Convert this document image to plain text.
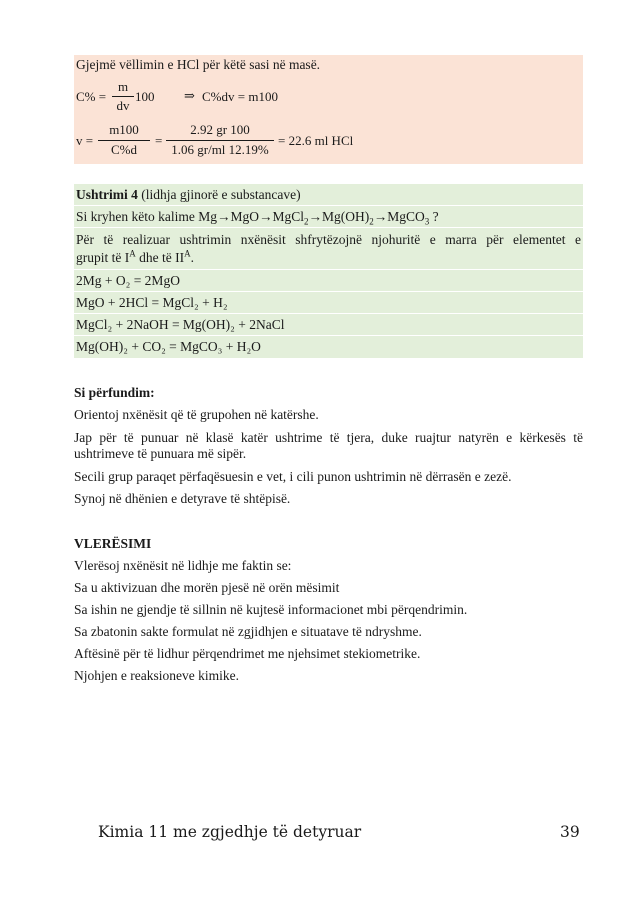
Gjejmë vëllimin e HCl për këtë sasi në masë.
C% =
m
dv
100 ⇒ C%dv = m100
v =
m100
C%d
=
2.92 gr 100
1.06 gr/ml 12.19%
= 22.6 ml HCl
Ushtrimi 4 (lidhja gjinorë e substancave)
Si kryhen këto kalime $Mg\to MgO\to MgCl_2\to Mg(OH)_2\to MgCO_3$ ?
Për të realizuar ushtrimin nxënësit shfrytëzojnë njohuritë e marra për elementet e
grupit të $I^A$ dhe të $II^A$.
2Mg + O₂ = 2MgO
MgO + 2HCl = MgCl₂ + H₂
MgCl₂ + 2NaOH = Mg(OH)₂ + 2NaCl
Mg(OH)₂ + CO₂ = MgCO₃ + H₂O
Si përfundim:
Orientoj nxënësit që të grupohen në katërshe.
Jap për të punuar në klasë katër ushtrime të tjera, duke ruajtur natyrën e kërkesës të
ushtrimeve të punuara më sipër.
Secili grup paraqet përfaqësuesin e vet, i cili punon ushtrimin në dërrasën e zezë.
Synoj në dhënien e detyrave të shtëpisë.
VLERËSIMI
Vlerësoj nxënësit në lidhje me faktin se:
Sa u aktivizuan dhe morën pjesë në orën mësimit
Sa ishin ne gjendje të sillnin në kujtesë informacionet mbi përqendrimin.
Sa zbatonin sakte formulat në zgjidhjen e situatave të ndryshme.
Aftësinë për të lidhur përqendrimet me njehsimet stekiometrike.
Njohjen e reaksioneve kimike.
Kimia 11 me zgjedhje të detyruar	39
